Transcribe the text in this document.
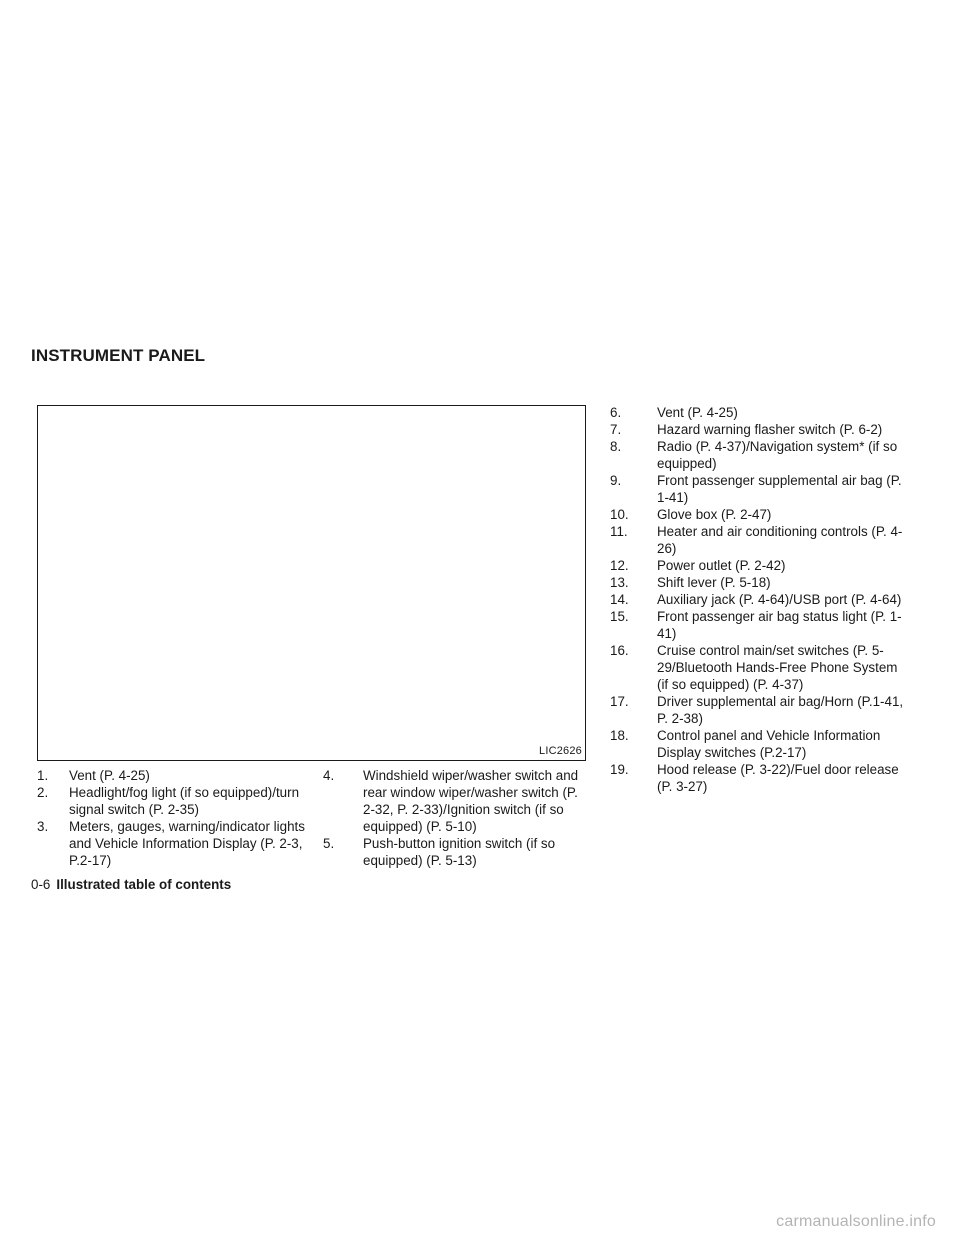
INSTRUMENT PANEL
LIC2626
1.	Vent (P. 4-25)
2.	Headlight/fog light (if so equipped)/turn signal switch (P. 2-35)
3.	Meters, gauges, warning/indicator lights and Vehicle Information Display (P. 2-3, P.2-17)
4.	Windshield wiper/washer switch and rear window wiper/washer switch (P. 2-32, P. 2-33)/Ignition switch (if so equipped) (P. 5-10)
5.	Push-button ignition switch (if so equipped) (P. 5-13)
6.	Vent (P. 4-25)
7.	Hazard warning flasher switch (P. 6-2)
8.	Radio (P. 4-37)/Navigation system* (if so equipped)
9.	Front passenger supplemental air bag (P. 1-41)
10.	Glove box (P. 2-47)
11.	Heater and air conditioning controls (P. 4-26)
12.	Power outlet (P. 2-42)
13.	Shift lever (P. 5-18)
14.	Auxiliary jack (P. 4-64)/USB port (P. 4-64)
15.	Front passenger air bag status light (P. 1-41)
16.	Cruise control main/set switches (P. 5-29/Bluetooth Hands-Free Phone System (if so equipped) (P. 4-37)
17.	Driver supplemental air bag/Horn (P.1-41, P. 2-38)
18.	Control panel and Vehicle Information Display switches (P.2-17)
19.	Hood release (P. 3-22)/Fuel door release (P. 3-27)

0-6 Illustrated table of contents

carmanualsonline.info
